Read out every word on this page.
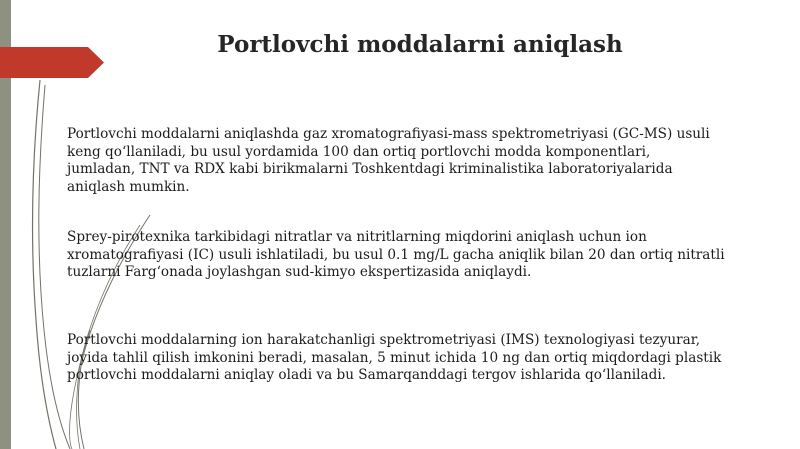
Portlovchi moddalarni aniqlash
Portlovchi moddalarni aniqlashda gaz xromatografiyasi-mass spektrometriyasi (GC-MS) usuli
keng qoʻllaniladi, bu usul yordamida 100 dan ortiq portlovchi modda komponentlari,
jumladan, TNT va RDX kabi birikmalarni Toshkentdagi kriminalistika laboratoriyalarida
aniqlash mumkin.
Sprey-pirotexnika tarkibidagi nitratlar va nitritlarning miqdorini aniqlash uchun ion
xromatografiyasi (IC) usuli ishlatiladi, bu usul 0.1 mg/L gacha aniqlik bilan 20 dan ortiq nitratli
tuzlarni Fargʻonada joylashgan sud-kimyo ekspertizasida aniqlaydi.
Portlovchi moddalarning ion harakatchanligi spektrometriyasi (IMS) texnologiyasi tezyurar,
joyida tahlil qilish imkonini beradi, masalan, 5 minut ichida 10 ng dan ortiq miqdordagi plastik
portlovchi moddalarni aniqlay oladi va bu Samarqanddagi tergov ishlarida qoʻllaniladi.
